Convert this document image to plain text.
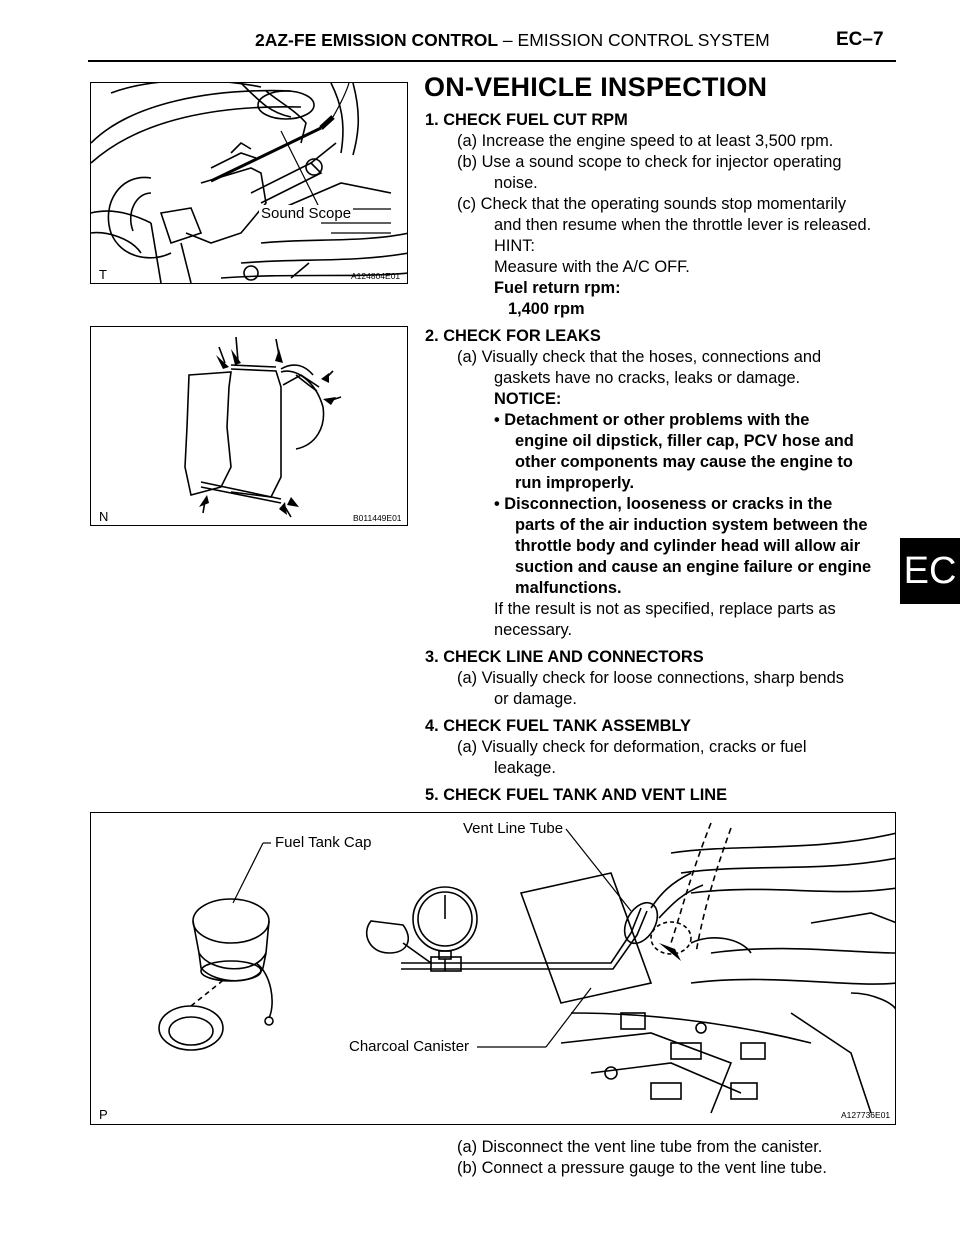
2AZ-FE EMISSION CONTROL – EMISSION CONTROL SYSTEM	EC–7
EC
Sound Scope
T	A124804E01
N	B011449E01
Fuel Tank Cap
Vent Line Tube
Charcoal Canister
P	A127736E01
ON-VEHICLE INSPECTION
1. CHECK FUEL CUT RPM
(a) Increase the engine speed to at least 3,500 rpm.
(b) Use a sound scope to check for injector operating
noise.
(c) Check that the operating sounds stop momentarily
and then resume when the throttle lever is released.
HINT:
Measure with the A/C OFF.
Fuel return rpm:
1,400 rpm
2. CHECK FOR LEAKS
(a) Visually check that the hoses, connections and
gaskets have no cracks, leaks or damage.
NOTICE:
• Detachment or other problems with the
engine oil dipstick, filler cap, PCV hose and
other components may cause the engine to
run improperly.
• Disconnection, looseness or cracks in the
parts of the air induction system between the
throttle body and cylinder head will allow air
suction and cause an engine failure or engine
malfunctions.
If the result is not as specified, replace parts as
necessary.
3. CHECK LINE AND CONNECTORS
(a) Visually check for loose connections, sharp bends
or damage.
4. CHECK FUEL TANK ASSEMBLY
(a) Visually check for deformation, cracks or fuel
leakage.
5. CHECK FUEL TANK AND VENT LINE
(a) Disconnect the vent line tube from the canister.
(b) Connect a pressure gauge to the vent line tube.
